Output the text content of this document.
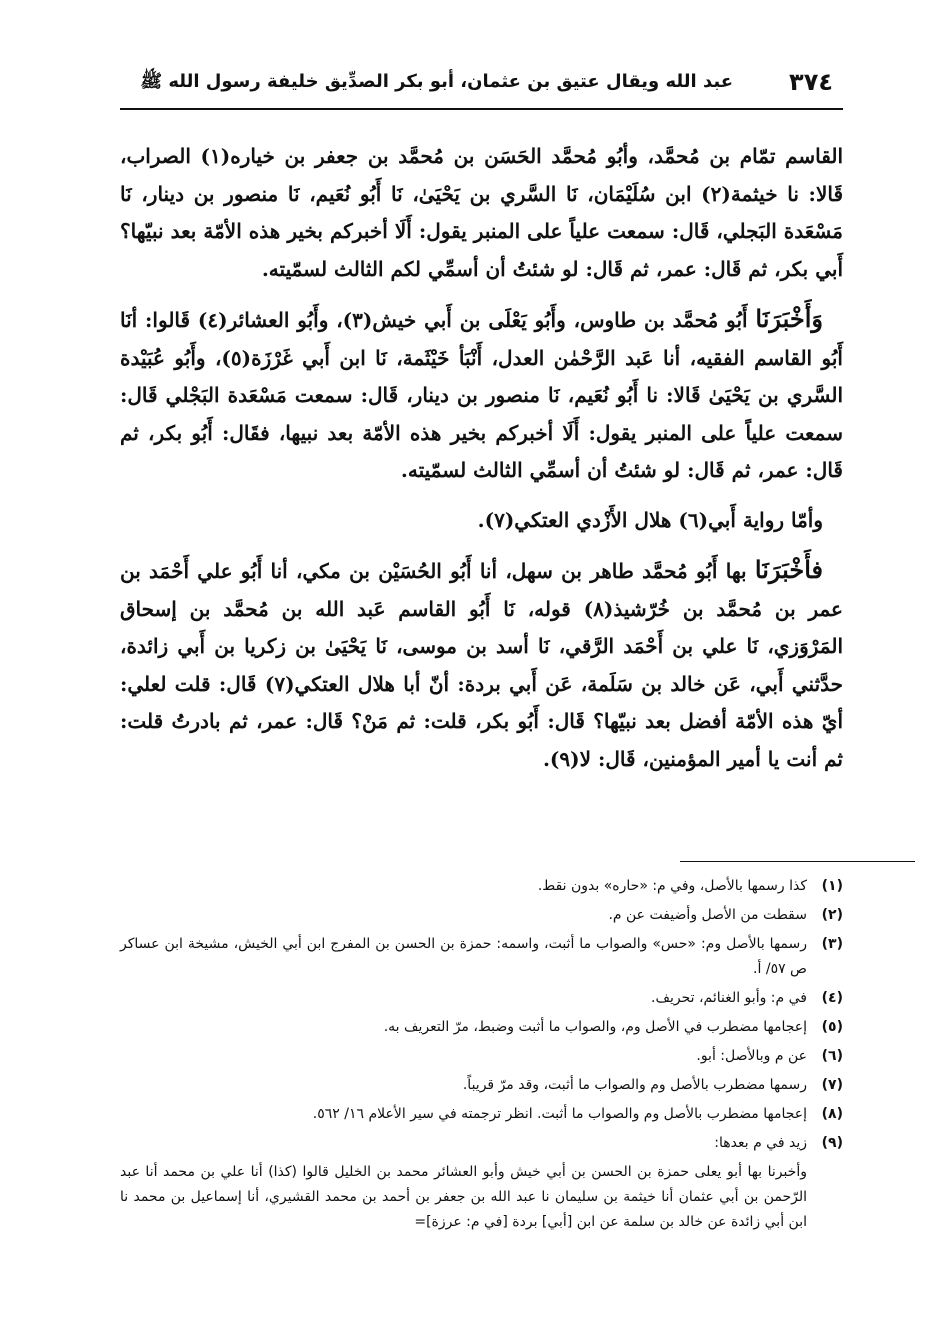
٣٧٤
عبد الله ويقال عتيق بن عثمان، أبو بكر الصدِّيق خليفة رسول الله ﷺ

القاسم تمّام بن مُحمَّد، وأبُو مُحمَّد الحَسَن بن مُحمَّد بن جعفر بن خياره(١) الصراب، قَالا: نا خيثمة(٢) ابن سُلَيْمَان، نَا السَّري بن يَحْيَىٰ، نَا أَبُو نُعَيم، نَا منصور بن دينار، نَا مَسْعَدة البَجلي، قَال: سمعت علياً على المنبر يقول: أَلَا أخبركم بخير هذه الأمّة بعد نبيّها؟ أَبي بكر، ثم قَال: عمر، ثم قَال: لو شئتُ أن أسمِّي لكم الثالث لسمّيته.

وَأَخْبَرَنَا أَبُو مُحمَّد بن طاوس، وأَبُو يَعْلَى بن أَبي خيش(٣)، وأَبُو العشائر(٤) قَالوا: أنَا أَبُو القاسم الفقيه، أنا عَبد الرَّحْمٰن العدل، أَنْبَأ خَيْثَمة، نَا ابن أَبي غَرْزَة(٥)، وأَبُو عُبَيْدة السَّري بن يَحْيَىٰ قَالا: نا أَبُو نُعَيم، نَا منصور بن دينار، قَال: سمعت مَسْعَدة البَجْلي قَال: سمعت علياً على المنبر يقول: أَلَا أخبركم بخير هذه الأمّة بعد نبيها، فقَال: أَبُو بكر، ثم قَال: عمر، ثم قَال: لو شئتُ أن أسمِّي الثالث لسمّيته.

وأمّا رواية أَبي(٦) هلال الأَزْدي العتكي(٧).

فأَخْبَرَنَا بها أَبُو مُحمَّد طاهر بن سهل، أنا أَبُو الحُسَيْن بن مكي، أنا أَبُو علي أَحْمَد بن عمر بن مُحمَّد بن خُرّشيذ(٨) قوله، نَا أَبُو القاسم عَبد الله بن مُحمَّد بن إسحاق المَرْوَزي، نَا علي بن أَحْمَد الرَّقي، نَا أسد بن موسى، نَا يَحْيَىٰ بن زكريا بن أَبي زائدة، حدَّثني أَبي، عَن خالد بن سَلَمة، عَن أَبي بردة: أنّ أبا هلال العتكي(٧) قَال: قلت لعلي: أيّ هذه الأمّة أفضل بعد نبيّها؟ قَال: أَبُو بكر، قلت: ثم مَنْ؟ قَال: عمر، ثم بادرتُ قلت: ثم أنت يا أمير المؤمنين، قَال: لا(٩).

(١)
كذا رسمها بالأصل، وفي م: «حاره» بدون نقط.
(٢)
سقطت من الأصل وأضيفت عن م.
(٣)
رسمها بالأصل وم: «حس» والصواب ما أثبت، واسمه: حمزة بن الحسن بن المفرج ابن أبي الخيش، مشيخة ابن عساكر ص ٥٧/ أ.
(٤)
في م: وأبو الغنائم، تحريف.
(٥)
إعجامها مضطرب في الأصل وم، والصواب ما أثبت وضبط، مرّ التعريف به.
(٦)
عن م وبالأصل: أبو.
(٧)
رسمها مضطرب بالأصل وم والصواب ما أثبت، وقد مرّ قريباً.
(٨)
إعجامها مضطرب بالأصل وم والصواب ما أثبت. انظر ترجمته في سير الأعلام ١٦/ ٥٦٢.
(٩)
زيد في م بعدها:
وأخبرنا بها أبو يعلى حمزة بن الحسن بن أبي خيش وأبو العشائر محمد بن الخليل قالوا (كذا) أنا علي بن محمد أنا عبد الرّحمن بن أبي عثمان أنا خيثمة بن سليمان نا عبد الله بن جعفر بن أحمد بن محمد القشيري، أنا إسماعيل بن محمد نا ابن أبي زائدة عن خالد بن سلمة عن ابن [أبي] بردة [في م: عرزة]=
